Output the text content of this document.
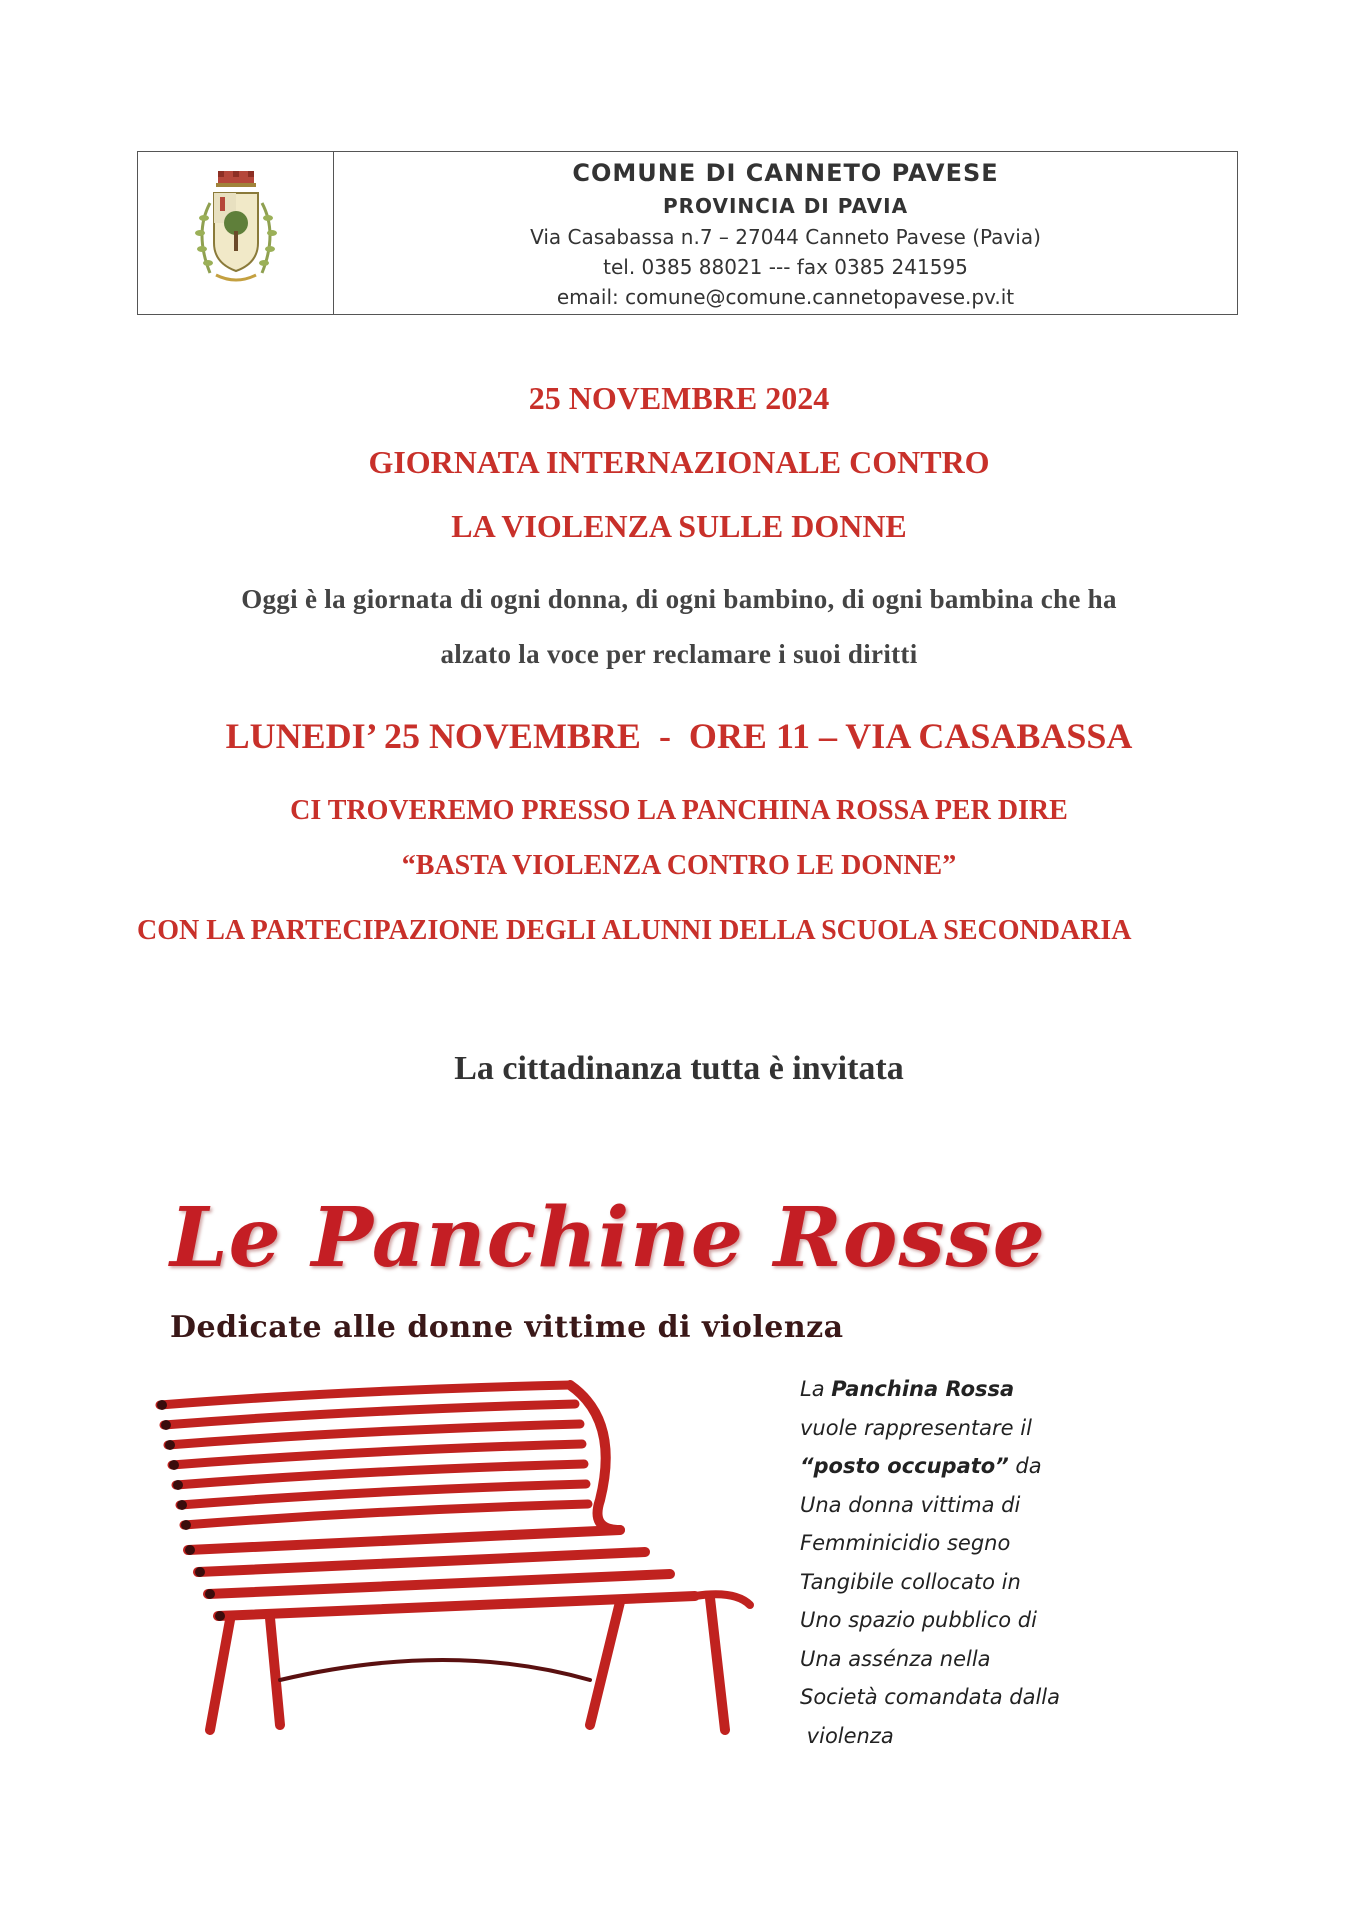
COMUNE DI CANNETO PAVESE
PROVINCIA DI PAVIA
Via Casabassa n.7 – 27044 Canneto Pavese (Pavia)
tel. 0385 88021 --- fax 0385 241595
email: comune@comune.cannetopavese.pv.it
25 NOVEMBRE 2024
GIORNATA INTERNAZIONALE CONTRO
LA VIOLENZA SULLE DONNE
Oggi è la giornata di ogni donna, di ogni bambino, di ogni bambina che ha
alzato la voce per reclamare i suoi diritti
LUNEDI’ 25 NOVEMBRE  -  ORE 11 – VIA CASABASSA
CI TROVEREMO PRESSO LA PANCHINA ROSSA PER DIRE
“BASTA VIOLENZA CONTRO LE DONNE”
CON LA PARTECIPAZIONE DEGLI ALUNNI DELLA SCUOLA SECONDARIA
La cittadinanza tutta è invitata
Le Panchine Rosse
Dedicate alle donne vittime di violenza
La Panchina Rossa
vuole rappresentare il
“posto occupato” da
Una donna vittima di
Femminicidio segno
Tangibile collocato in
Uno spazio pubblico di
Una assénza nella
Società comandata dalla
violenza
